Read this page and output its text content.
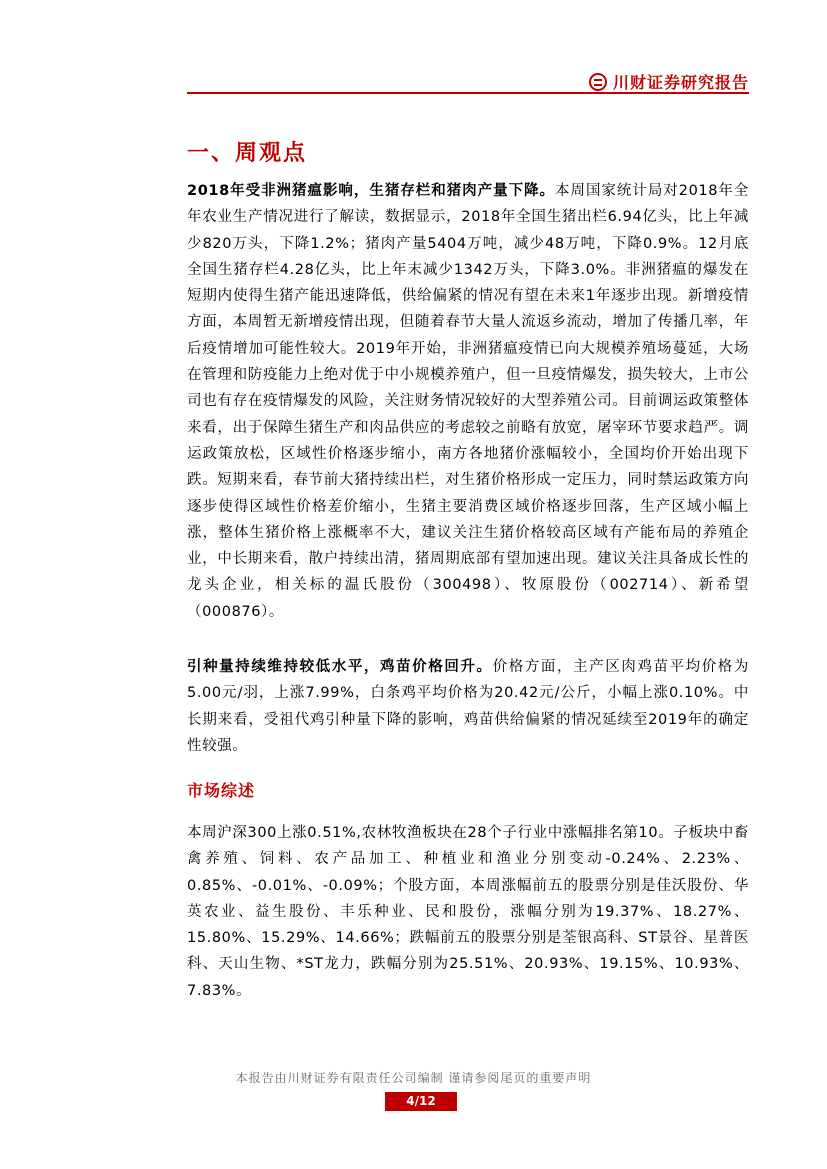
川财证券研究报告
一、周观点

2018年受非洲猪瘟影响，生猪存栏和猪肉产量下降。本周国家统计局对2018年全年农业生产情况进行了解读，数据显示，2018年全国生猪出栏6.94亿头，比上年减少820万头，下降1.2%；猪肉产量5404万吨，减少48万吨，下降0.9%。12月底全国生猪存栏4.28亿头，比上年末减少1342万头，下降3.0%。非洲猪瘟的爆发在短期内使得生猪产能迅速降低，供给偏紧的情况有望在未来1年逐步出现。新增疫情方面，本周暂无新增疫情出现，但随着春节大量人流返乡流动，增加了传播几率，年后疫情增加可能性较大。2019年开始，非洲猪瘟疫情已向大规模养殖场蔓延，大场在管理和防疫能力上绝对优于中小规模养殖户，但一旦疫情爆发，损失较大，上市公司也有存在疫情爆发的风险，关注财务情况较好的大型养殖公司。目前调运政策整体来看，出于保障生猪生产和肉品供应的考虑较之前略有放宽，屠宰环节要求趋严。调运政策放松，区域性价格逐步缩小，南方各地猪价涨幅较小，全国均价开始出现下跌。短期来看，春节前大猪持续出栏，对生猪价格形成一定压力，同时禁运政策方向逐步使得区域性价格差价缩小，生猪主要消费区域价格逐步回落，生产区域小幅上涨，整体生猪价格上涨概率不大，建议关注生猪价格较高区域有产能布局的养殖企业，中长期来看，散户持续出清，猪周期底部有望加速出现。建议关注具备成长性的龙头企业，相关标的温氏股份（300498）、牧原股份（002714）、新希望（000876）。

引种量持续维持较低水平，鸡苗价格回升。价格方面，主产区肉鸡苗平均价格为5.00元/羽，上涨7.99%，白条鸡平均价格为20.42元/公斤，小幅上涨0.10%。中长期来看，受祖代鸡引种量下降的影响，鸡苗供给偏紧的情况延续至2019年的确定性较强。

市场综述

本周沪深300上涨0.51%,农林牧渔板块在28个子行业中涨幅排名第10。子板块中畜禽养殖、饲料、农产品加工、种植业和渔业分别变动-0.24%、2.23%、0.85%、-0.01%、-0.09%；个股方面，本周涨幅前五的股票分别是佳沃股份、华英农业、益生股份、丰乐种业、民和股份，涨幅分别为19.37%、18.27%、15.80%、15.29%、14.66%；跌幅前五的股票分别是荃银高科、ST景谷、星普医科、天山生物、*ST龙力，跌幅分别为25.51%、20.93%、19.15%、10.93%、7.83%。

本报告由川财证券有限责任公司编制 谨请参阅尾页的重要声明

4/12
